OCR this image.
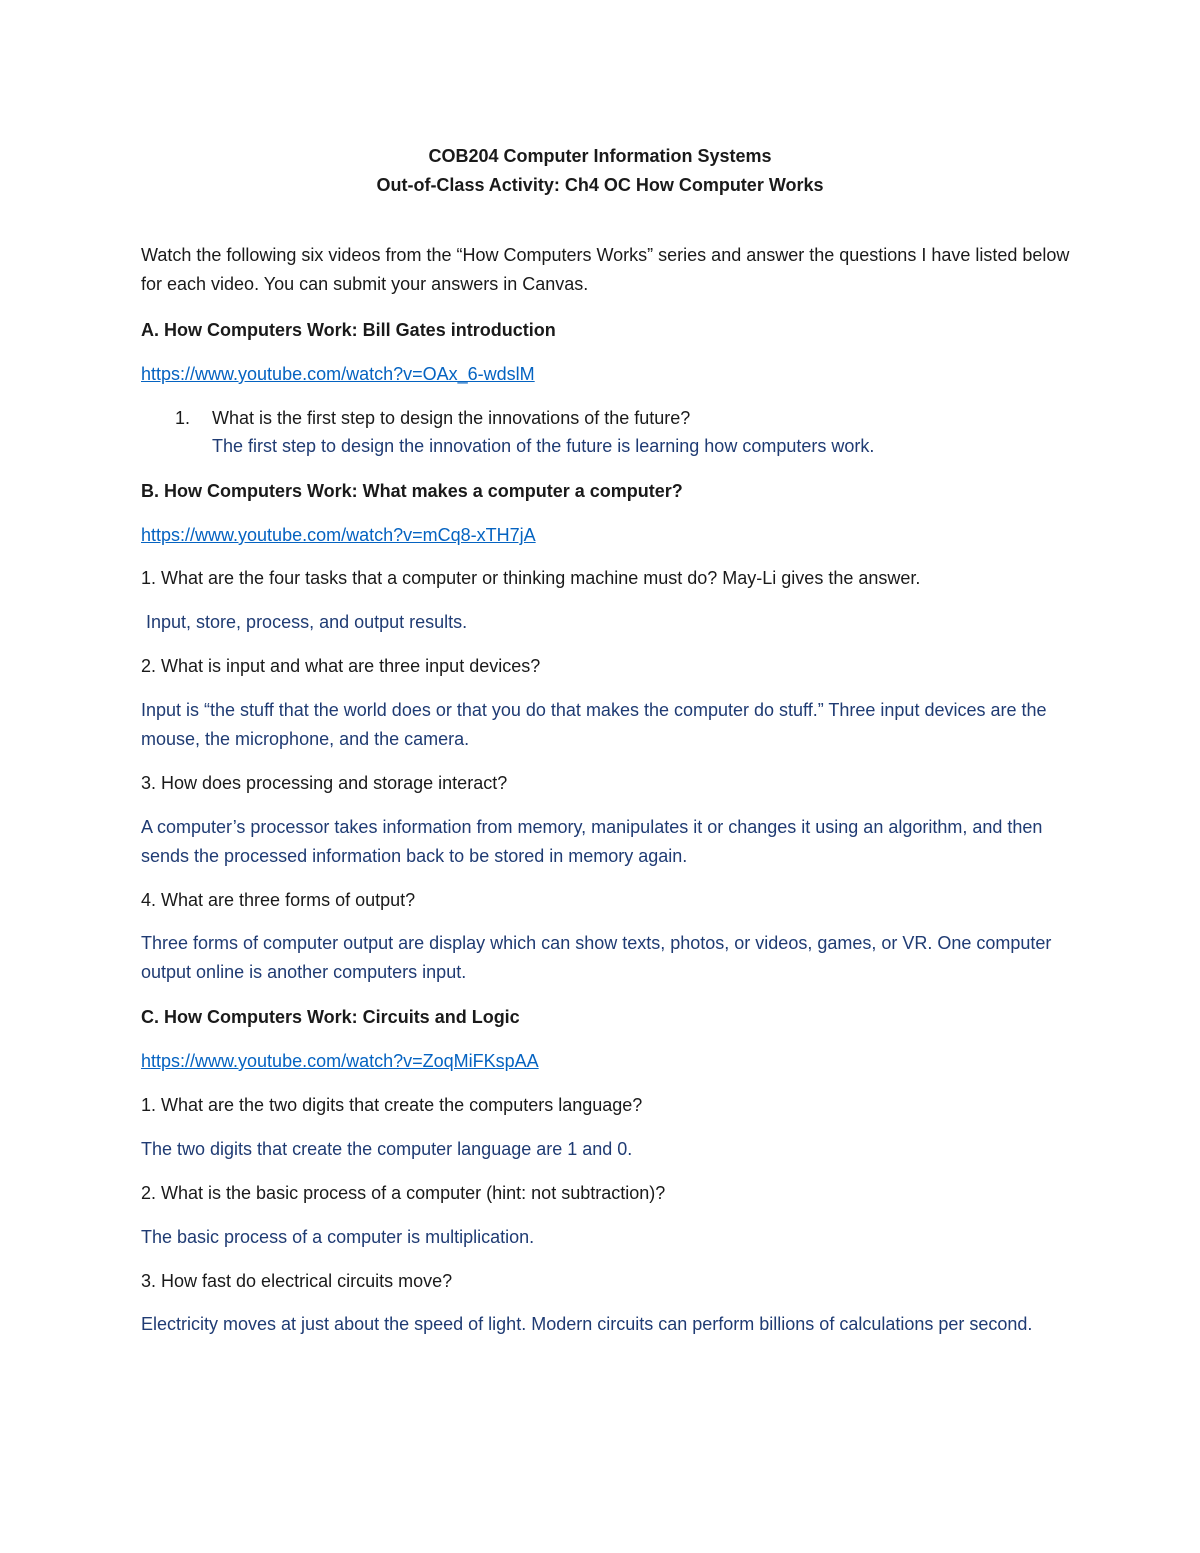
COB204 Computer Information Systems
Out-of-Class Activity: Ch4 OC How Computer Works
Watch the following six videos from the “How Computers Works” series and answer the questions I have listed below for each video. You can submit your answers in Canvas.
A. How Computers Work: Bill Gates introduction
https://www.youtube.com/watch?v=OAx_6-wdslM
1. What is the first step to design the innovations of the future?
The first step to design the innovation of the future is learning how computers work.
B. How Computers Work: What makes a computer a computer?
https://www.youtube.com/watch?v=mCq8-xTH7jA
1. What are the four tasks that a computer or thinking machine must do? May-Li gives the answer.
Input, store, process, and output results.
2. What is input and what are three input devices?
Input is “the stuff that the world does or that you do that makes the computer do stuff.” Three input devices are the mouse, the microphone, and the camera.
3. How does processing and storage interact?
A computer’s processor takes information from memory, manipulates it or changes it using an algorithm, and then sends the processed information back to be stored in memory again.
4. What are three forms of output?
Three forms of computer output are display which can show texts, photos, or videos, games, or VR. One computer output online is another computers input.
C. How Computers Work: Circuits and Logic
https://www.youtube.com/watch?v=ZoqMiFKspAA
1. What are the two digits that create the computers language?
The two digits that create the computer language are 1 and 0.
2. What is the basic process of a computer (hint: not subtraction)?
The basic process of a computer is multiplication.
3. How fast do electrical circuits move?
Electricity moves at just about the speed of light. Modern circuits can perform billions of calculations per second.
